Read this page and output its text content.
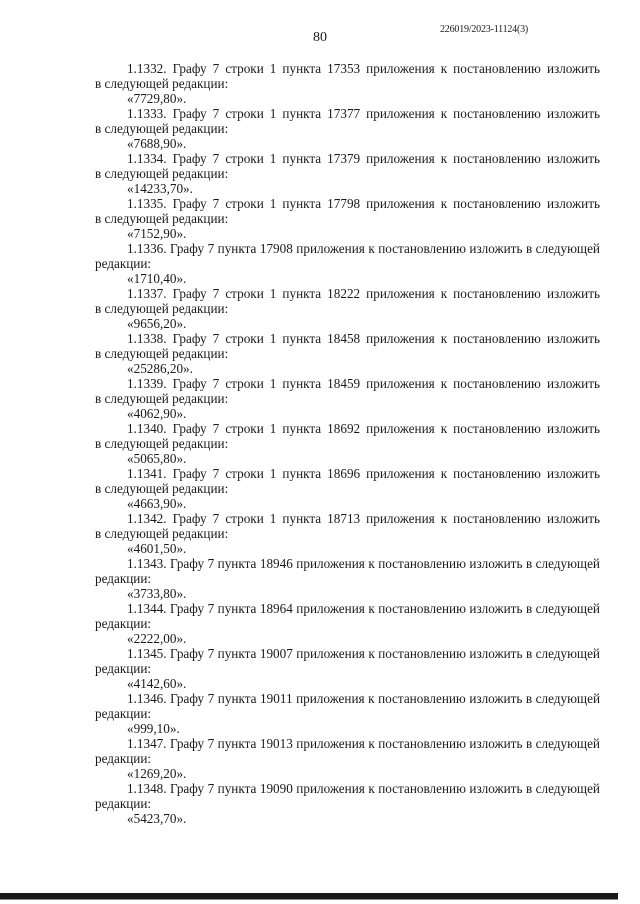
80
226019/2023-11124(3)
1.1332. Графу 7 строки 1 пункта 17353 приложения к постановлению изложить
в следующей редакции:
«7729,80».
1.1333. Графу 7 строки 1 пункта 17377 приложения к постановлению изложить
в следующей редакции:
«7688,90».
1.1334. Графу 7 строки 1 пункта 17379 приложения к постановлению изложить
в следующей редакции:
«14233,70».
1.1335. Графу 7 строки 1 пункта 17798 приложения к постановлению изложить
в следующей редакции:
«7152,90».
1.1336. Графу 7 пункта 17908 приложения к постановлению изложить в следующей
редакции:
«1710,40».
1.1337. Графу 7 строки 1 пункта 18222 приложения к постановлению изложить
в следующей редакции:
«9656,20».
1.1338. Графу 7 строки 1 пункта 18458 приложения к постановлению изложить
в следующей редакции:
«25286,20».
1.1339. Графу 7 строки 1 пункта 18459 приложения к постановлению изложить
в следующей редакции:
«4062,90».
1.1340. Графу 7 строки 1 пункта 18692 приложения к постановлению изложить
в следующей редакции:
«5065,80».
1.1341. Графу 7 строки 1 пункта 18696 приложения к постановлению изложить
в следующей редакции:
«4663,90».
1.1342. Графу 7 строки 1 пункта 18713 приложения к постановлению изложить
в следующей редакции:
«4601,50».
1.1343. Графу 7 пункта 18946 приложения к постановлению изложить в следующей
редакции:
«3733,80».
1.1344. Графу 7 пункта 18964 приложения к постановлению изложить в следующей
редакции:
«2222,00».
1.1345. Графу 7 пункта 19007 приложения к постановлению изложить в следующей
редакции:
«4142,60».
1.1346. Графу 7 пункта 19011 приложения к постановлению изложить в следующей
редакции:
«999,10».
1.1347. Графу 7 пункта 19013 приложения к постановлению изложить в следующей
редакции:
«1269,20».
1.1348. Графу 7 пункта 19090 приложения к постановлению изложить в следующей
редакции:
«5423,70».
